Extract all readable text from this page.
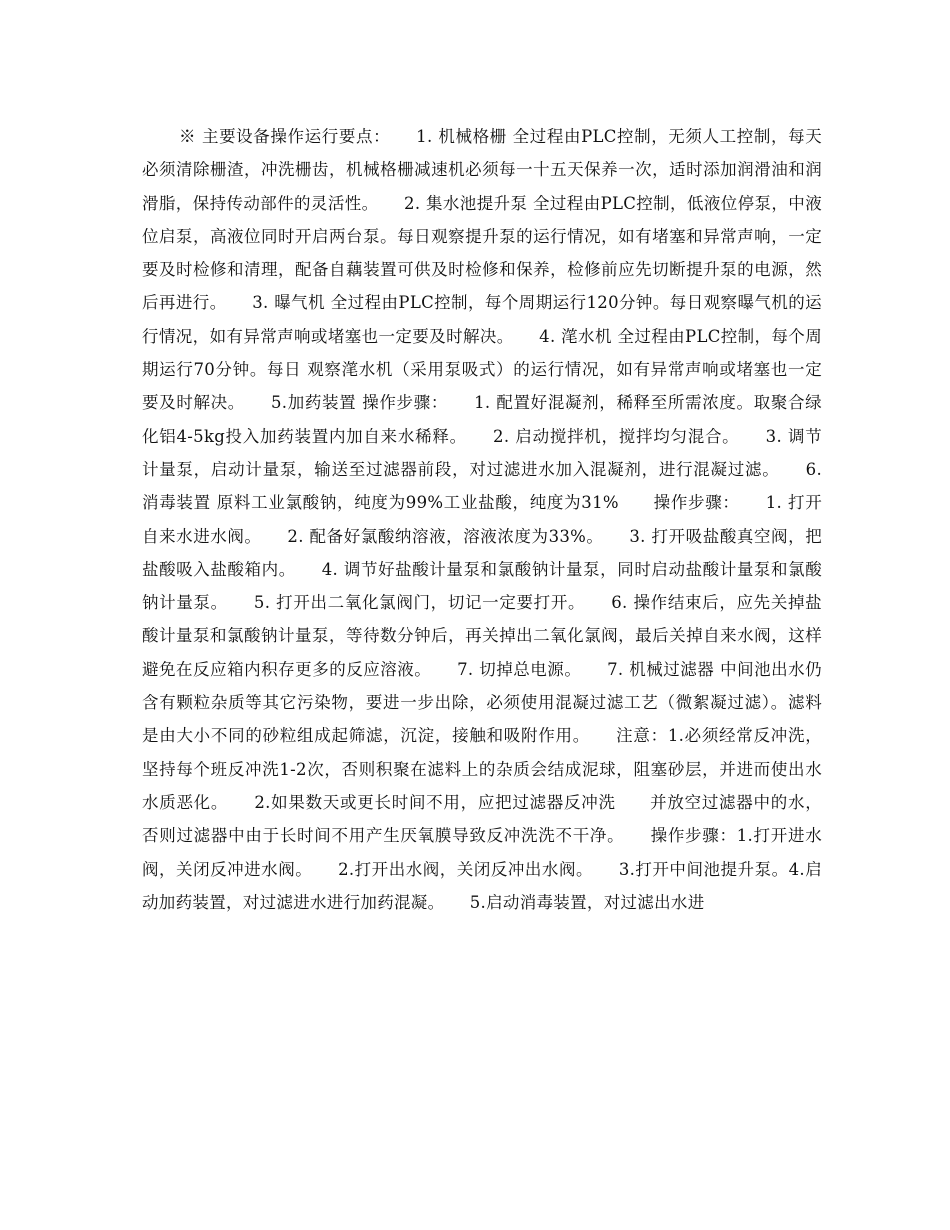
※ 主要设备操作运行要点：　　1. 机械格栅 全过程由PLC控制，无须人工控制，每天必须清除栅渣，冲洗栅齿，机械格栅减速机必须每一十五天保养一次，适时添加润滑油和润滑脂，保持传动部件的灵活性。　　2. 集水池提升泵 全过程由PLC控制，低液位停泵，中液位启泵，高液位同时开启两台泵。每日观察提升泵的运行情况，如有堵塞和异常声响，一定要及时检修和清理，配备自藕装置可供及时检修和保养，检修前应先切断提升泵的电源，然后再进行。　　3. 曝气机 全过程由PLC控制，每个周期运行120分钟。每日观察曝气机的运行情况，如有异常声响或堵塞也一定要及时解决。　　4. 滗水机 全过程由PLC控制，每个周期运行70分钟。每日 观察滗水机（采用泵吸式）的运行情况，如有异常声响或堵塞也一定要及时解决。　　5.加药装置 操作步骤：　　1. 配置好混凝剂，稀释至所需浓度。取聚合绿化铝4-5kg投入加药装置内加自来水稀释。　　2. 启动搅拌机，搅拌均匀混合。　　3. 调节计量泵，启动计量泵，输送至过滤器前段，对过滤进水加入混凝剂，进行混凝过滤。　　6. 消毒装置 原料工业氯酸钠，纯度为99%工业盐酸，纯度为31%　　操作步骤：　　1. 打开自来水进水阀。　　2. 配备好氯酸纳溶液，溶液浓度为33%。　　3. 打开吸盐酸真空阀，把盐酸吸入盐酸箱内。　　4. 调节好盐酸计量泵和氯酸钠计量泵，同时启动盐酸计量泵和氯酸钠计量泵。　　5. 打开出二氧化氯阀门，切记一定要打开。　　6. 操作结束后，应先关掉盐酸计量泵和氯酸钠计量泵，等待数分钟后，再关掉出二氧化氯阀，最后关掉自来水阀，这样避免在反应箱内积存更多的反应溶液。　　7. 切掉总电源。　　7. 机械过滤器 中间池出水仍含有颗粒杂质等其它污染物，要进一步出除，必须使用混凝过滤工艺（微絮凝过滤）。滤料是由大小不同的砂粒组成起筛滤，沉淀，接触和吸附作用。　　注意：1.必须经常反冲洗，坚持每个班反冲洗1-2次，否则积聚在滤料上的杂质会结成泥球，阻塞砂层，并进而使出水水质恶化。　　2.如果数天或更长时间不用，应把过滤器反冲洗　　并放空过滤器中的水，否则过滤器中由于长时间不用产生厌氧膜导致反冲洗洗不干净。　　操作步骤：1.打开进水阀，关闭反冲进水阀。　　2.打开出水阀，关闭反冲出水阀。　　3.打开中间池提升泵。4.启动加药装置，对过滤进水进行加药混凝。　　5.启动消毒装置，对过滤出水进
